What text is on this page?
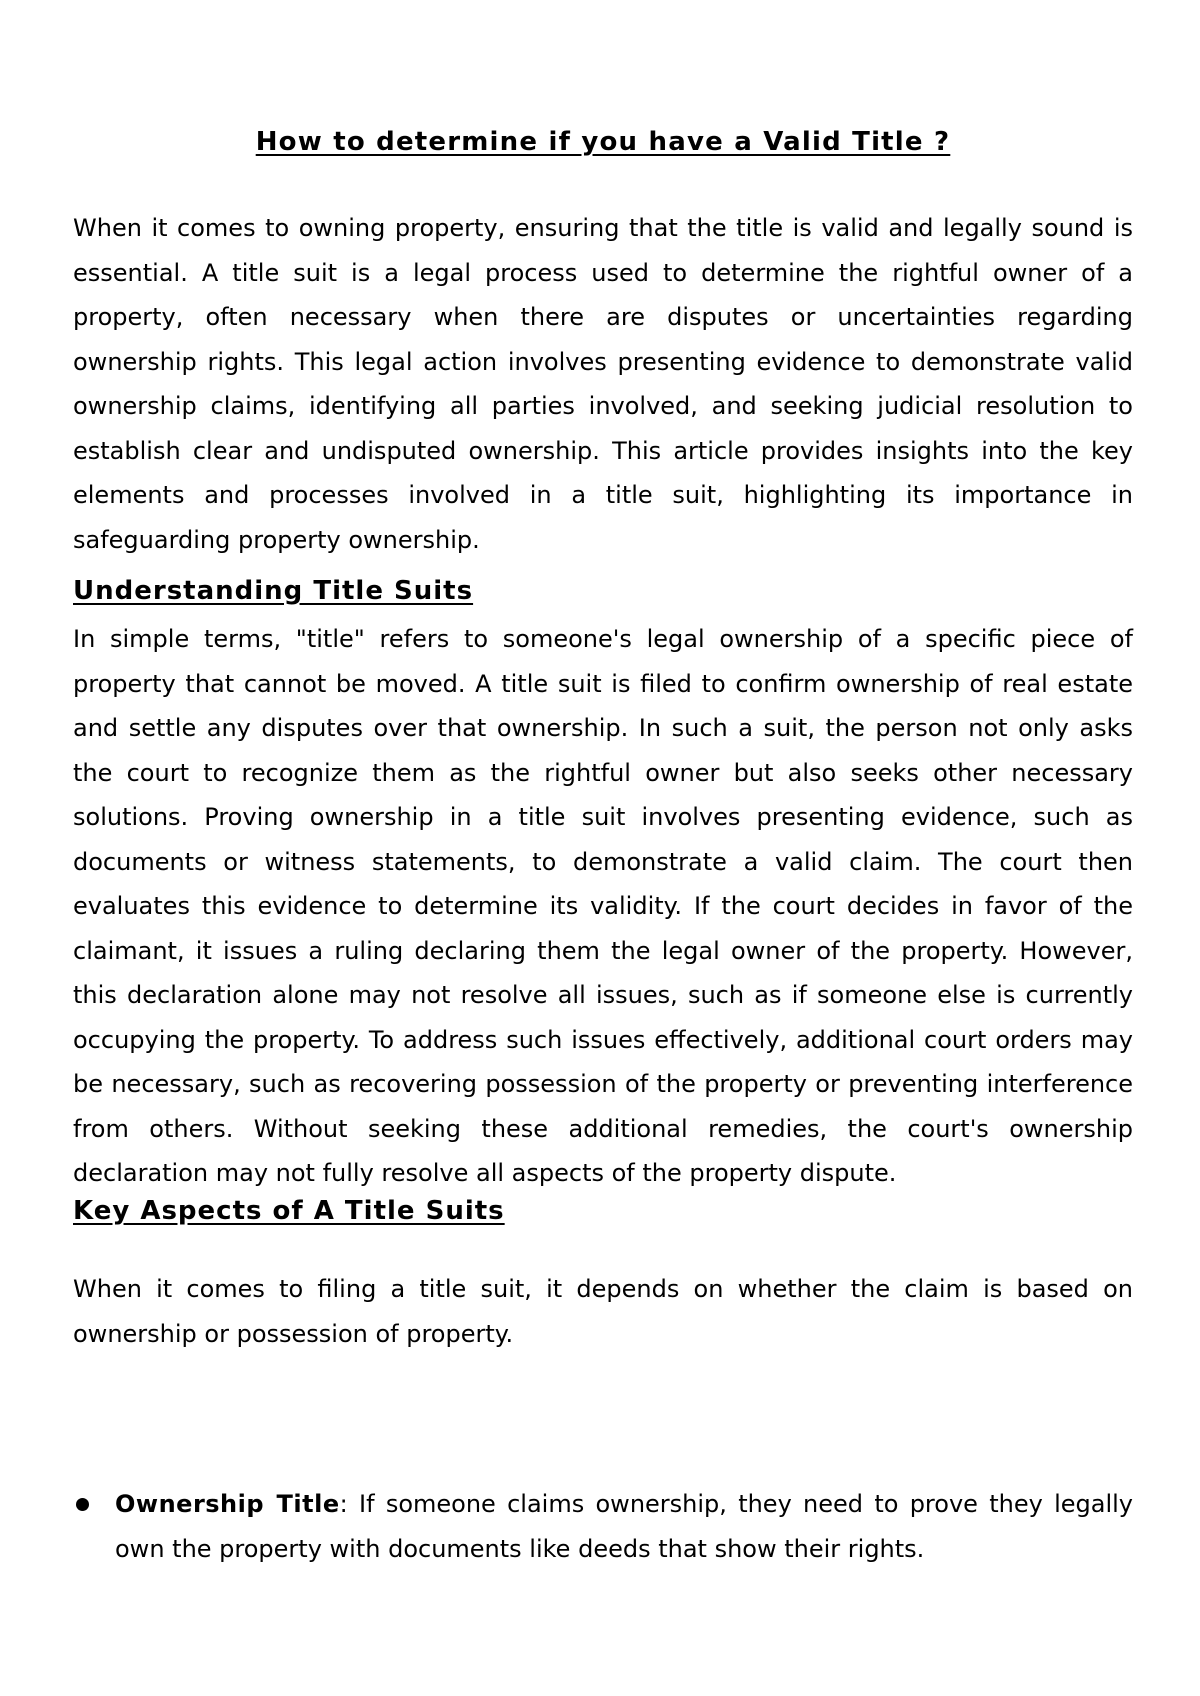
How to determine if you have a Valid Title ?

When it comes to owning property, ensuring that the title is valid and legally sound is essential. A title suit is a legal process used to determine the rightful owner of a property, often necessary when there are disputes or uncertainties regarding ownership rights. This legal action involves presenting evidence to demonstrate valid ownership claims, identifying all parties involved, and seeking judicial resolution to establish clear and undisputed ownership. This article provides insights into the key elements and processes involved in a title suit, highlighting its importance in safeguarding property ownership.

Understanding Title Suits

In simple terms, "title" refers to someone's legal ownership of a specific piece of property that cannot be moved. A title suit is filed to confirm ownership of real estate and settle any disputes over that ownership. In such a suit, the person not only asks the court to recognize them as the rightful owner but also seeks other necessary solutions. Proving ownership in a title suit involves presenting evidence, such as documents or witness statements, to demonstrate a valid claim. The court then evaluates this evidence to determine its validity. If the court decides in favor of the claimant, it issues a ruling declaring them the legal owner of the property. However, this declaration alone may not resolve all issues, such as if someone else is currently occupying the property. To address such issues effectively, additional court orders may be necessary, such as recovering possession of the property or preventing interference from others. Without seeking these additional remedies, the court's ownership declaration may not fully resolve all aspects of the property dispute.

Key Aspects of A Title Suits

When it comes to filing a title suit, it depends on whether the claim is based on ownership or possession of property.

Ownership Title: If someone claims ownership, they need to prove they legally own the property with documents like deeds that show their rights.
